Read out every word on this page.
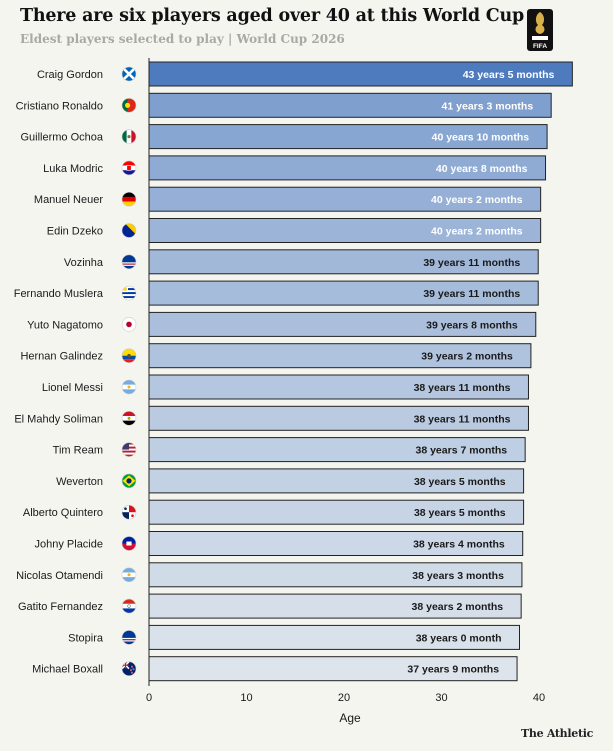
There are six players aged over 40 at this World Cup
Eldest players selected to play | World Cup 2026
FIFA
Craig Gordon	43 years 5 months
Cristiano Ronaldo	41 years 3 months
Guillermo Ochoa	40 years 10 months
Luka Modric	40 years 8 months
Manuel Neuer	40 years 2 months
Edin Dzeko	40 years 2 months
Vozinha	39 years 11 months
Fernando Muslera	39 years 11 months
Yuto Nagatomo	39 years 8 months
Hernan Galindez	39 years 2 months
Lionel Messi	38 years 11 months
El Mahdy Soliman	38 years 11 months
Tim Ream	38 years 7 months
Weverton	38 years 5 months
Alberto Quintero	38 years 5 months
Johny Placide	38 years 4 months
Nicolas Otamendi	38 years 3 months
Gatito Fernandez	38 years 2 months
Stopira	38 years 0 month
Michael Boxall	37 years 9 months
0	10	20	30	40
Age
The Athletic
